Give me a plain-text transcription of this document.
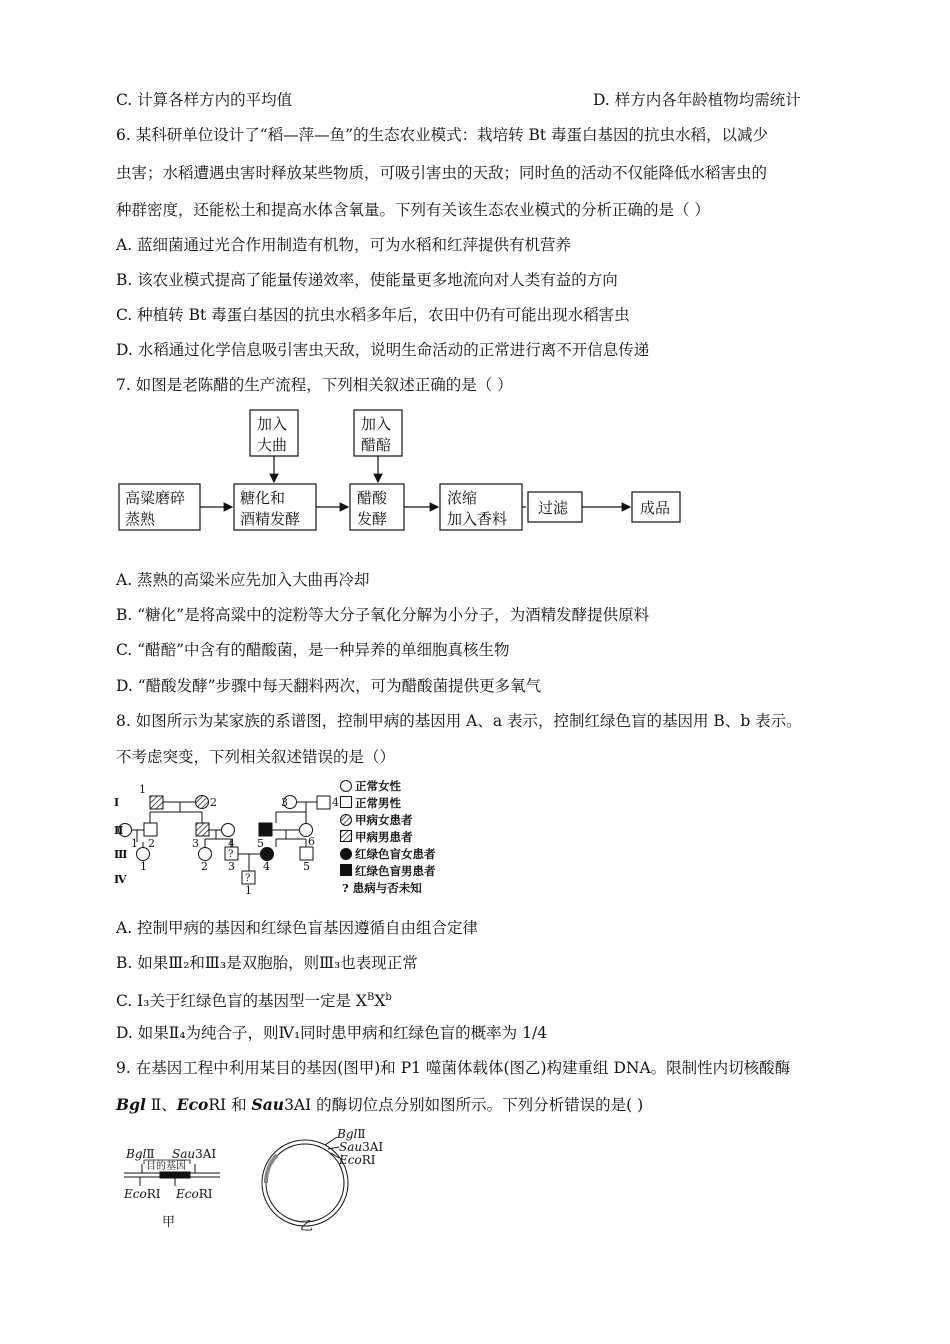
C. 计算各样方内的平均值	D. 样方内各年龄植物均需统计
6. 某科研单位设计了“稻—萍—鱼”的生态农业模式：栽培转 Bt 毒蛋白基因的抗虫水稻，以减少
虫害；水稻遭遇虫害时释放某些物质，可吸引害虫的天敌；同时鱼的活动不仅能降低水稻害虫的
种群密度，还能松土和提高水体含氧量。下列有关该生态农业模式的分析正确的是（ ）
A. 蓝细菌通过光合作用制造有机物，可为水稻和红萍提供有机营养
B. 该农业模式提高了能量传递效率，使能量更多地流向对人类有益的方向
C. 种植转 Bt 毒蛋白基因的抗虫水稻多年后，农田中仍有可能出现水稻害虫
D. 水稻通过化学信息吸引害虫天敌，说明生命活动的正常进行离不开信息传递
7. 如图是老陈醋的生产流程，下列相关叙述正确的是（ ）
加入
大曲
加入
醋醅
高粱磨碎
蒸熟
糖化和
酒精发酵
醋酸
发酵
浓缩
加入香料
过滤	成品
A. 蒸熟的高粱米应先加入大曲再冷却
B. “糖化”是将高粱中的淀粉等大分子氧化分解为小分子，为酒精发酵提供原料
C. “醋醅”中含有的醋酸菌，是一种异养的单细胞真核生物
D. “醋酸发酵”步骤中每天翻料两次，可为醋酸菌提供更多氧气
8. 如图所示为某家族的系谱图，控制甲病的基因用 A、a 表示，控制红绿色盲的基因用 B、b 表示。
不考虑突变，下列相关叙述错误的是（）
Ⅰ
Ⅱ
Ⅲ
Ⅳ
1
2	3	4
1 2	3	4 5	6
1	2 3	4	5
1
?
?
正常女性
正常男性
甲病女患者
甲病男患者
红绿色盲女患者
红绿色盲男患者
? 患病与否未知
A. 控制甲病的基因和红绿色盲基因遵循自由组合定律
B. 如果Ⅲ₂和Ⅲ₃是双胞胎，则Ⅲ₃也表现正常
C. Ⅰ₃关于红绿色盲的基因型一定是 $X^BX^b$
D. 如果Ⅱ₄为纯合子，则Ⅳ₁同时患甲病和红绿色盲的概率为 1/4
9. 在基因工程中利用某目的基因(图甲)和 P1 噬菌体载体(图乙)构建重组 DNA。限制性内切核酸酶
Bgl Ⅱ、EcoRⅠ 和 Sau3AⅠ 的酶切位点分别如图所示。下列分析错误的是( )
BglⅡ Sau3AⅠ
目的基因
EcoRⅠ EcoRⅠ
甲
BglⅡ
Sau3AⅠ
EcoRⅠ
乙
